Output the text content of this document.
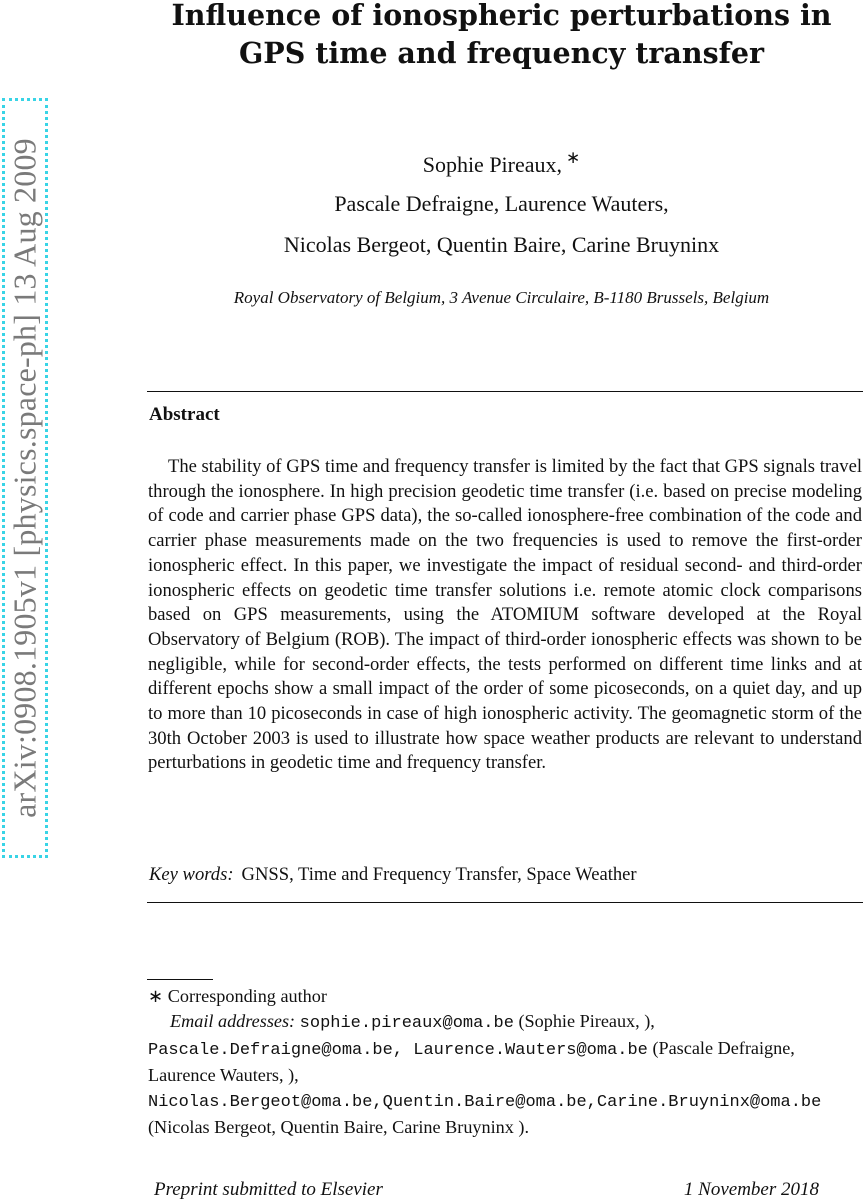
arXiv:0908.1905v1 [physics.space-ph] 13 Aug 2009
Influence of ionospheric perturbations in GPS time and frequency transfer
Sophie Pireaux, ∗
Pascale Defraigne, Laurence Wauters,
Nicolas Bergeot, Quentin Baire, Carine Bruyninx
Royal Observatory of Belgium, 3 Avenue Circulaire, B-1180 Brussels, Belgium
Abstract

The stability of GPS time and frequency transfer is limited by the fact that GPS signals travel through the ionosphere. In high precision geodetic time transfer (i.e. based on precise modeling of code and carrier phase GPS data), the so-called ionosphere-free combination of the code and carrier phase measurements made on the two frequencies is used to remove the first-order ionospheric effect. In this paper, we investigate the impact of residual second- and third-order ionospheric effects on geodetic time transfer solutions i.e. remote atomic clock comparisons based on GPS measurements, using the ATOMIUM software developed at the Royal Observatory of Belgium (ROB). The impact of third-order ionospheric effects was shown to be negligible, while for second-order effects, the tests performed on different time links and at different epochs show a small impact of the order of some picoseconds, on a quiet day, and up to more than 10 picoseconds in case of high ionospheric activity. The geomagnetic storm of the 30th October 2003 is used to illustrate how space weather products are relevant to understand perturbations in geodetic time and frequency transfer.

Key words: GNSS, Time and Frequency Transfer, Space Weather
∗ Corresponding author
Email addresses: sophie.pireaux@oma.be (Sophie Pireaux, ),
Pascale.Defraigne@oma.be, Laurence.Wauters@oma.be (Pascale Defraigne,
Laurence Wauters, ),
Nicolas.Bergeot@oma.be,Quentin.Baire@oma.be,Carine.Bruyninx@oma.be
(Nicolas Bergeot, Quentin Baire, Carine Bruyninx ).
Preprint submitted to Elsevier	1 November 2018
